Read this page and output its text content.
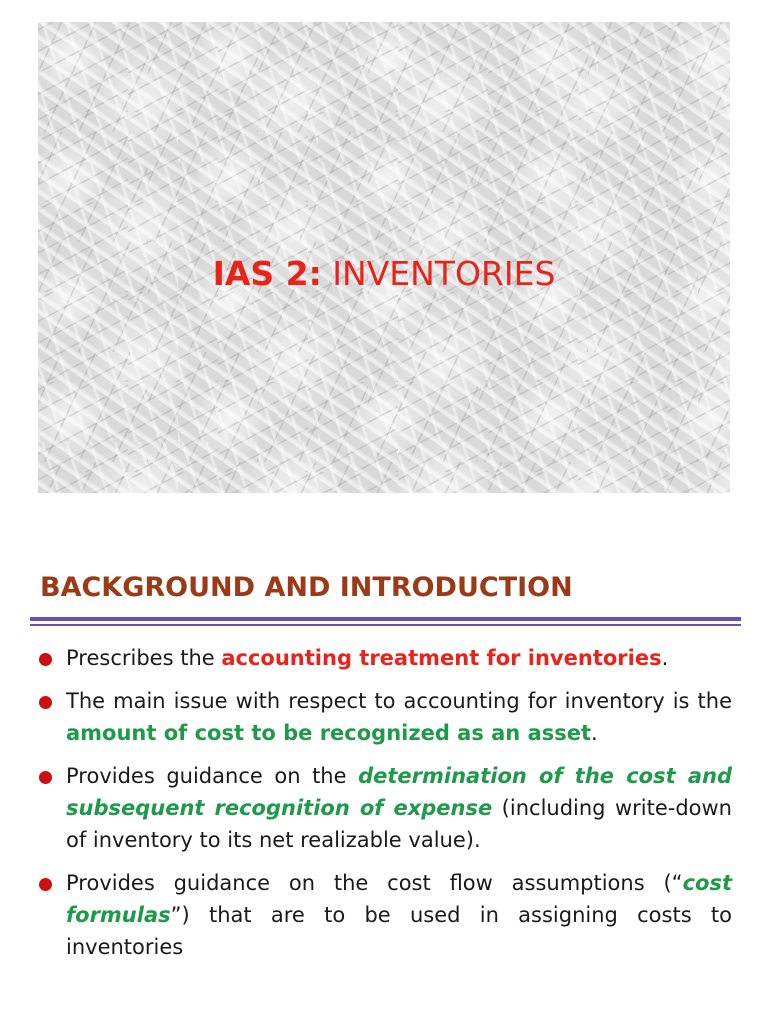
IAS 2: INVENTORIES
BACKGROUND AND INTRODUCTION
Prescribes the accounting treatment for inventories.
The main issue with respect to accounting for inventory is the amount of cost to be recognized as an asset.
Provides guidance on the determination of the cost and subsequent recognition of expense (including write-down of inventory to its net realizable value).
Provides guidance on the cost flow assumptions (“cost formulas”) that are to be used in assigning costs to inventories
